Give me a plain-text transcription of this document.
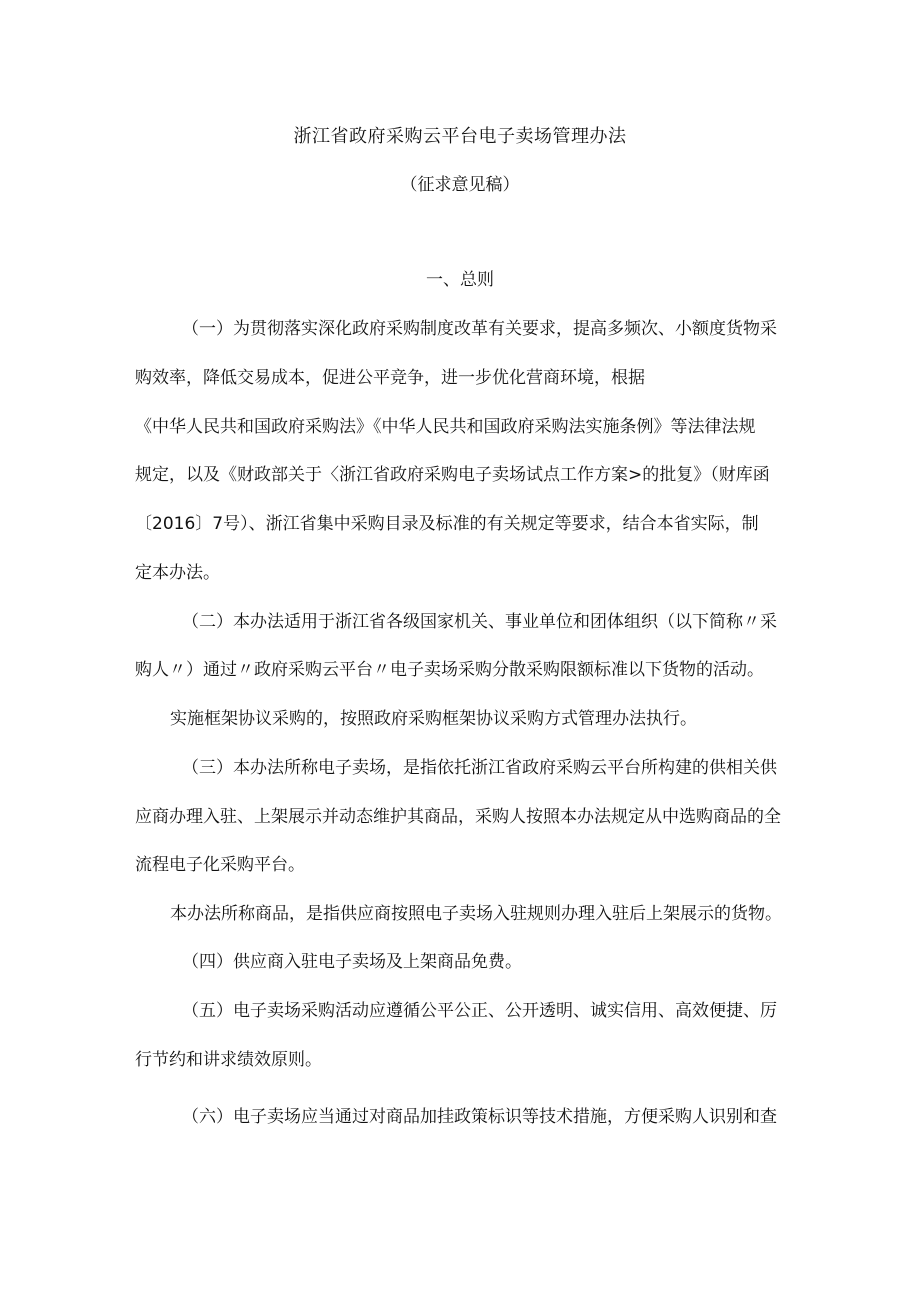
浙江省政府采购云平台电子卖场管理办法
（征求意见稿）
一、总则
（一）为贯彻落实深化政府采购制度改革有关要求，提高多频次、小额度货物采
购效率，降低交易成本，促进公平竞争，进一步优化营商环境，根据
《中华人民共和国政府采购法》《中华人民共和国政府采购法实施条例》等法律法规
规定，以及《财政部关于〈浙江省政府采购电子卖场试点工作方案>的批复》（财库函
〔2016〕7号）、浙江省集中采购目录及标准的有关规定等要求，结合本省实际，制
定本办法。
（二）本办法适用于浙江省各级国家机关、事业单位和团体组织（以下简称〃采
购人〃）通过〃政府采购云平台〃电子卖场采购分散采购限额标准以下货物的活动。
实施框架协议采购的，按照政府采购框架协议采购方式管理办法执行。
（三）本办法所称电子卖场，是指依托浙江省政府采购云平台所构建的供相关供
应商办理入驻、上架展示并动态维护其商品，采购人按照本办法规定从中选购商品的全
流程电子化采购平台。
本办法所称商品，是指供应商按照电子卖场入驻规则办理入驻后上架展示的货物。
（四）供应商入驻电子卖场及上架商品免费。
（五）电子卖场采购活动应遵循公平公正、公开透明、诚实信用、高效便捷、厉
行节约和讲求绩效原则。
（六）电子卖场应当通过对商品加挂政策标识等技术措施，方便采购人识别和查
